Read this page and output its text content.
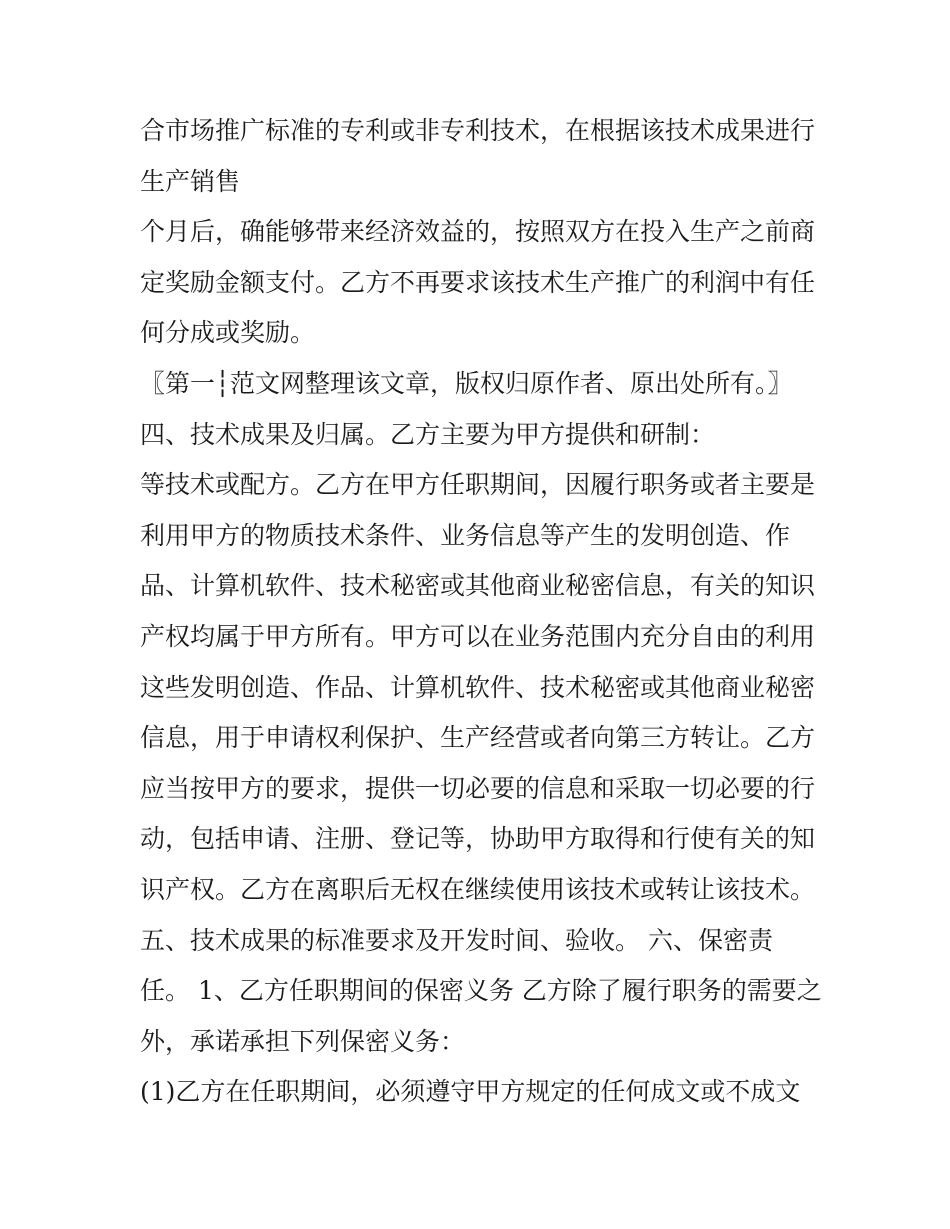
合市场推广标准的专利或非专利技术，在根据该技术成果进行
生产销售
个月后，确能够带来经济效益的，按照双方在投入生产之前商
定奖励金额支付。乙方不再要求该技术生产推广的利润中有任
何分成或奖励。
〖第一┆范文网整理该文章，版权归原作者、原出处所有。〗
四、技术成果及归属。乙方主要为甲方提供和研制：
等技术或配方。乙方在甲方任职期间，因履行职务或者主要是
利用甲方的物质技术条件、业务信息等产生的发明创造、作
品、计算机软件、技术秘密或其他商业秘密信息，有关的知识
产权均属于甲方所有。甲方可以在业务范围内充分自由的利用
这些发明创造、作品、计算机软件、技术秘密或其他商业秘密
信息，用于申请权利保护、生产经营或者向第三方转让。乙方
应当按甲方的要求，提供一切必要的信息和采取一切必要的行
动，包括申请、注册、登记等，协助甲方取得和行使有关的知
识产权。乙方在离职后无权在继续使用该技术或转让该技术。
五、技术成果的标准要求及开发时间、验收。 六、保密责
任。 1、乙方任职期间的保密义务 乙方除了履行职务的需要之
外，承诺承担下列保密义务：
(1)乙方在任职期间，必须遵守甲方规定的任何成文或不成文
